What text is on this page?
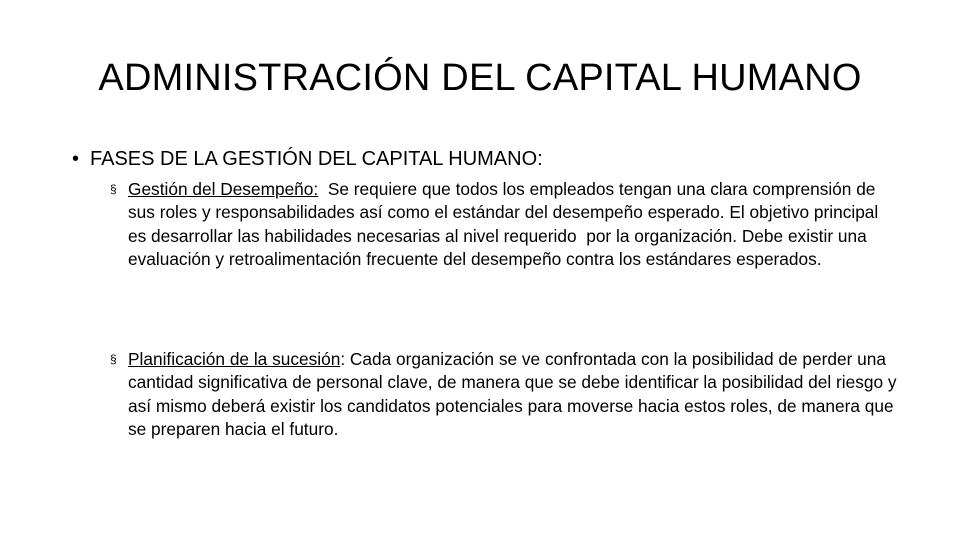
ADMINISTRACIÓN DEL CAPITAL HUMANO

• FASES DE LA GESTIÓN DEL CAPITAL HUMANO:

§ Gestión del Desempeño:  Se requiere que todos los empleados tengan una clara comprensión de sus roles y responsabilidades así como el estándar del desempeño esperado. El objetivo principal es desarrollar las habilidades necesarias al nivel requerido  por la organización. Debe existir una evaluación y retroalimentación frecuente del desempeño contra los estándares esperados.
§ Planificación de la sucesión: Cada organización se ve confrontada con la posibilidad de perder una cantidad significativa de personal clave, de manera que se debe identificar la posibilidad del riesgo y así mismo deberá existir los candidatos potenciales para moverse hacia estos roles, de manera que se preparen hacia el futuro.
